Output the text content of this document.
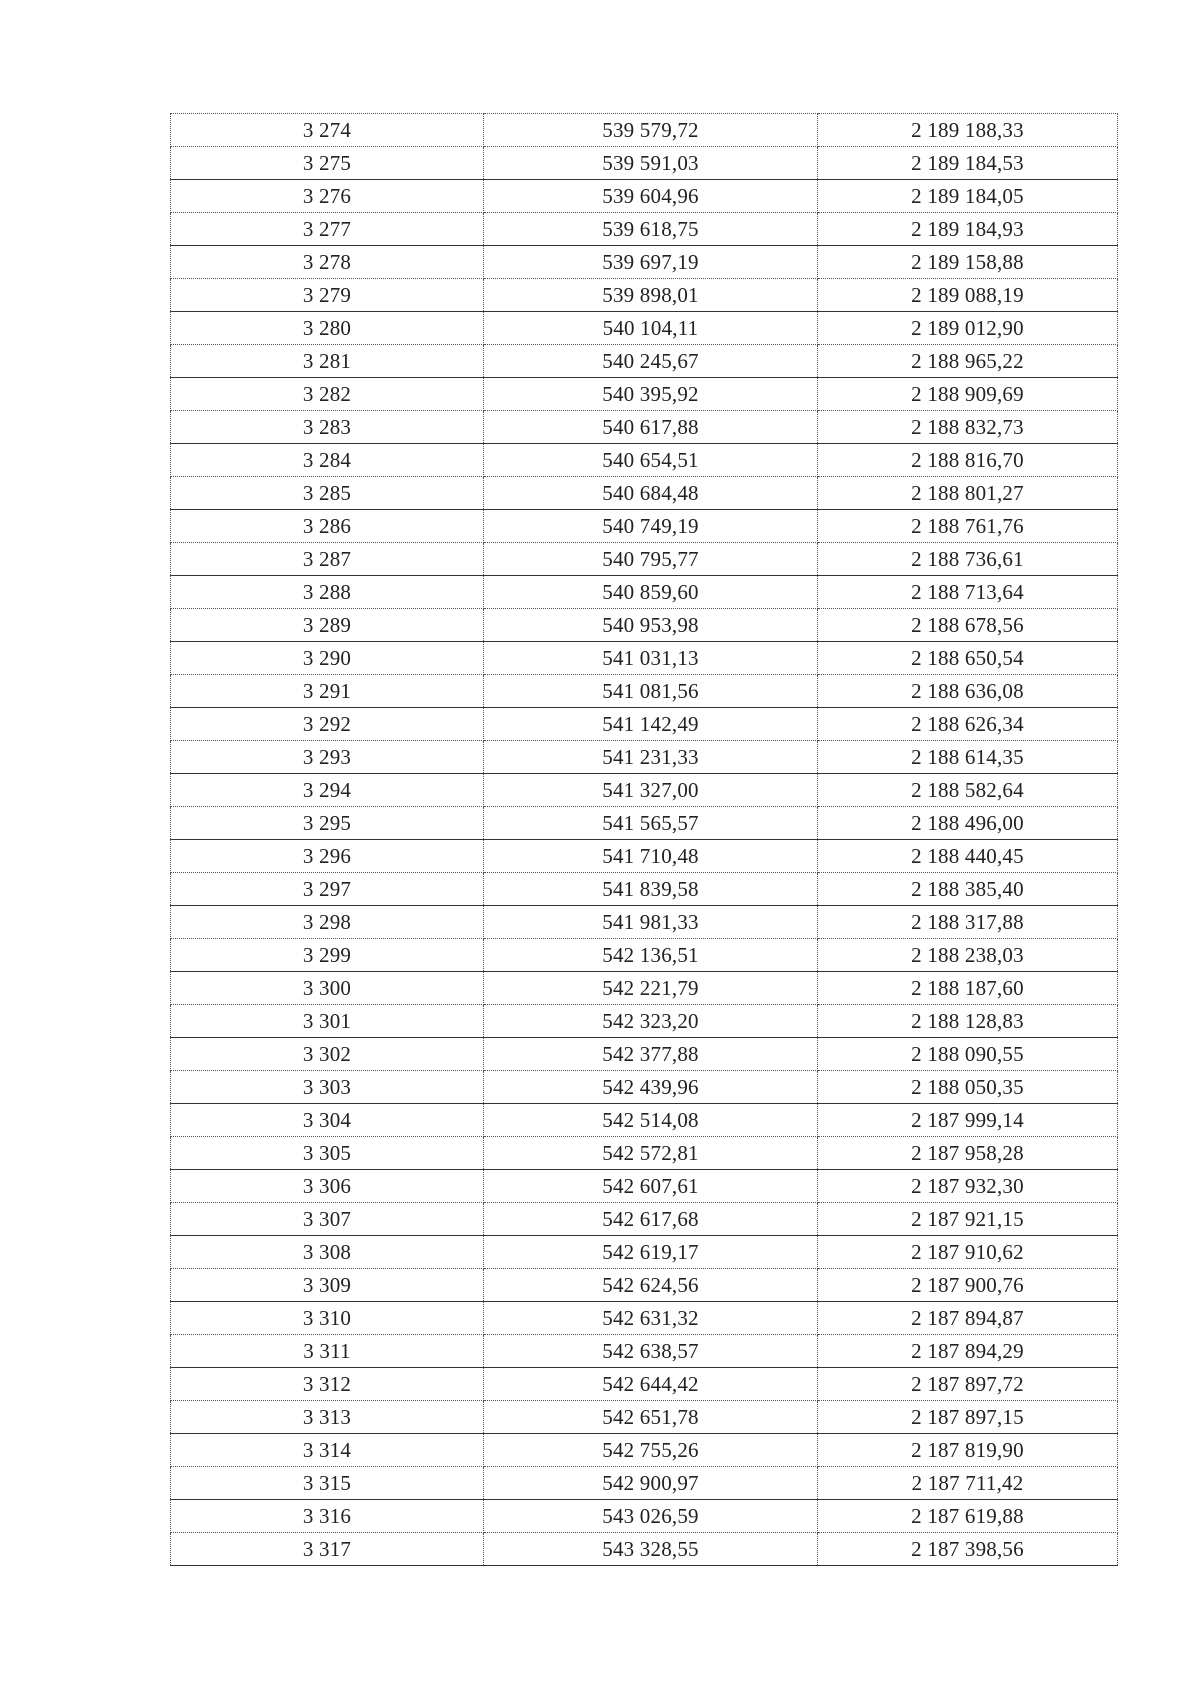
3 274	539 579,72	2 189 188,33
3 275	539 591,03	2 189 184,53
3 276	539 604,96	2 189 184,05
3 277	539 618,75	2 189 184,93
3 278	539 697,19	2 189 158,88
3 279	539 898,01	2 189 088,19
3 280	540 104,11	2 189 012,90
3 281	540 245,67	2 188 965,22
3 282	540 395,92	2 188 909,69
3 283	540 617,88	2 188 832,73
3 284	540 654,51	2 188 816,70
3 285	540 684,48	2 188 801,27
3 286	540 749,19	2 188 761,76
3 287	540 795,77	2 188 736,61
3 288	540 859,60	2 188 713,64
3 289	540 953,98	2 188 678,56
3 290	541 031,13	2 188 650,54
3 291	541 081,56	2 188 636,08
3 292	541 142,49	2 188 626,34
3 293	541 231,33	2 188 614,35
3 294	541 327,00	2 188 582,64
3 295	541 565,57	2 188 496,00
3 296	541 710,48	2 188 440,45
3 297	541 839,58	2 188 385,40
3 298	541 981,33	2 188 317,88
3 299	542 136,51	2 188 238,03
3 300	542 221,79	2 188 187,60
3 301	542 323,20	2 188 128,83
3 302	542 377,88	2 188 090,55
3 303	542 439,96	2 188 050,35
3 304	542 514,08	2 187 999,14
3 305	542 572,81	2 187 958,28
3 306	542 607,61	2 187 932,30
3 307	542 617,68	2 187 921,15
3 308	542 619,17	2 187 910,62
3 309	542 624,56	2 187 900,76
3 310	542 631,32	2 187 894,87
3 311	542 638,57	2 187 894,29
3 312	542 644,42	2 187 897,72
3 313	542 651,78	2 187 897,15
3 314	542 755,26	2 187 819,90
3 315	542 900,97	2 187 711,42
3 316	543 026,59	2 187 619,88
3 317	543 328,55	2 187 398,56
